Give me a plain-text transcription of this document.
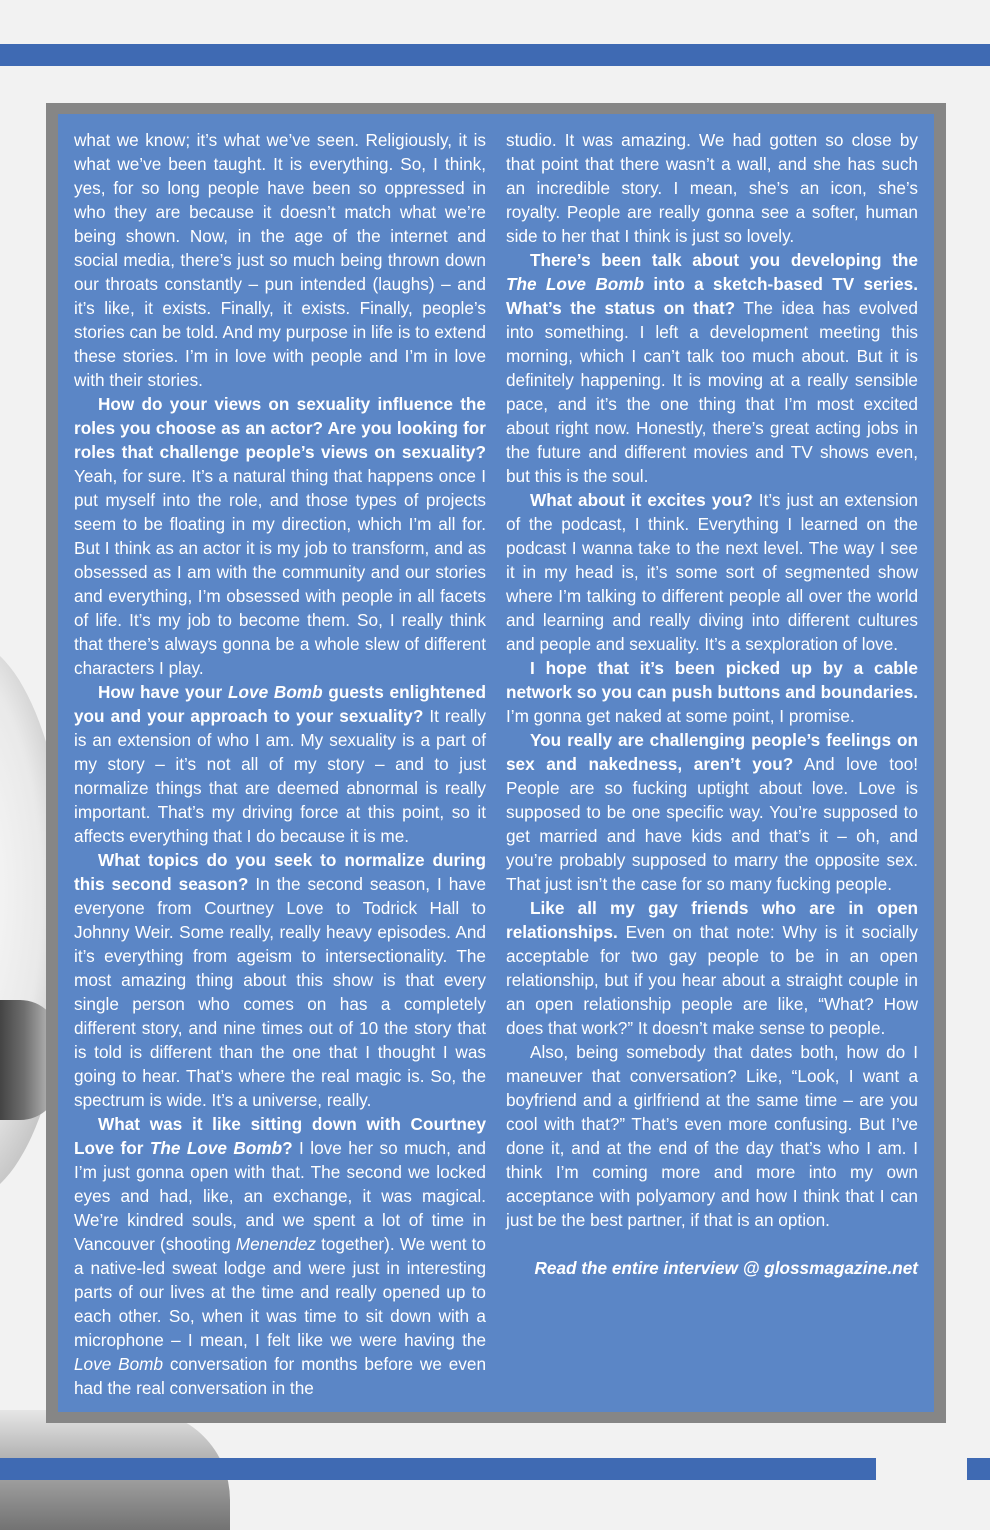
what we know; it’s what we’ve seen. Religiously, it is what we’ve been taught. It is everything. So, I think, yes, for so long people have been so oppressed in who they are because it doesn’t match what we’re being shown. Now, in the age of the internet and social media, there’s just so much being thrown down our throats constantly – pun intended (laughs) – and it’s like, it exists. Finally, it exists. Finally, people’s stories can be told. And my purpose in life is to extend these stories. I’m in love with people and I’m in love with their stories.

How do your views on sexuality influence the roles you choose as an actor? Are you looking for roles that challenge people’s views on sexuality? Yeah, for sure. It’s a natural thing that happens once I put myself into the role, and those types of projects seem to be floating in my direction, which I’m all for. But I think as an actor it is my job to transform, and as obsessed as I am with the community and our stories and everything, I’m obsessed with people in all facets of life. It’s my job to become them. So, I really think that there’s always gonna be a whole slew of different characters I play.

How have your Love Bomb guests enlightened you and your approach to your sexuality? It really is an extension of who I am. My sexuality is a part of my story – it’s not all of my story – and to just normalize things that are deemed abnormal is really important. That’s my driving force at this point, so it affects everything that I do because it is me.

What topics do you seek to normalize during this second season? In the second season, I have everyone from Courtney Love to Todrick Hall to Johnny Weir. Some really, really heavy episodes. And it’s everything from ageism to intersectionality. The most amazing thing about this show is that every single person who comes on has a completely different story, and nine times out of 10 the story that is told is different than the one that I thought I was going to hear. That’s where the real magic is. So, the spectrum is wide. It’s a universe, really.

What was it like sitting down with Courtney Love for The Love Bomb? I love her so much, and I’m just gonna open with that. The second we locked eyes and had, like, an exchange, it was magical. We’re kindred souls, and we spent a lot of time in Vancouver (shooting Menendez together). We went to a native-led sweat lodge and were just in interesting parts of our lives at the time and really opened up to each other. So, when it was time to sit down with a microphone – I mean, I felt like we were having the Love Bomb conversation for months before we even had the real conversation in the

studio. It was amazing. We had gotten so close by that point that there wasn’t a wall, and she has such an incredible story. I mean, she’s an icon, she’s royalty. People are really gonna see a softer, human side to her that I think is just so lovely.

There’s been talk about you developing the The Love Bomb into a sketch-based TV series. What’s the status on that? The idea has evolved into something. I left a development meeting this morning, which I can’t talk too much about. But it is definitely happening. It is moving at a really sensible pace, and it’s the one thing that I’m most excited about right now. Honestly, there’s great acting jobs in the future and different movies and TV shows even, but this is the soul.

What about it excites you? It’s just an extension of the podcast, I think. Everything I learned on the podcast I wanna take to the next level. The way I see it in my head is, it’s some sort of segmented show where I’m talking to different people all over the world and learning and really diving into different cultures and people and sexuality. It’s a sexploration of love.

I hope that it’s been picked up by a cable network so you can push buttons and boundaries. I’m gonna get naked at some point, I promise.

You really are challenging people’s feelings on sex and nakedness, aren’t you? And love too! People are so fucking uptight about love. Love is supposed to be one specific way. You’re supposed to get married and have kids and that’s it – oh, and you’re probably supposed to marry the opposite sex. That just isn’t the case for so many fucking people.

Like all my gay friends who are in open relationships. Even on that note: Why is it socially acceptable for two gay people to be in an open relationship, but if you hear about a straight couple in an open relationship people are like, “What? How does that work?” It doesn’t make sense to people.

Also, being somebody that dates both, how do I maneuver that conversation? Like, “Look, I want a boyfriend and a girlfriend at the same time – are you cool with that?” That’s even more confusing. But I’ve done it, and at the end of the day that’s who I am. I think I’m coming more and more into my own acceptance with polyamory and how I think that I can just be the best partner, if that is an option.

Read the entire interview @ glossmagazine.net
